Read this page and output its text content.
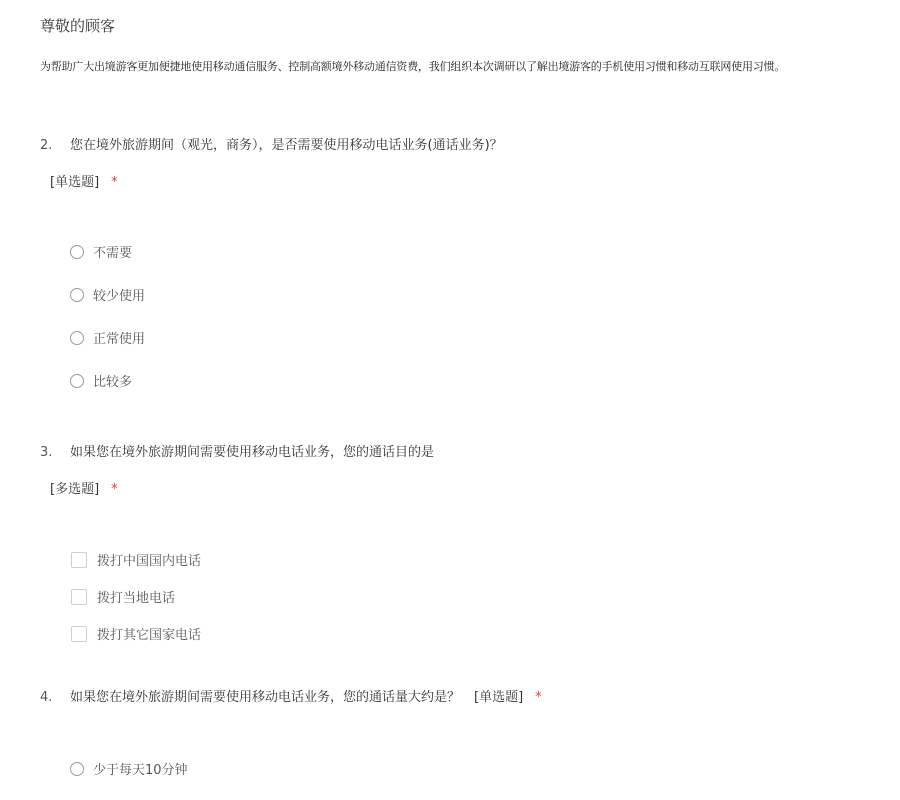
尊敬的顾客
为帮助广大出境游客更加便捷地使用移动通信服务、控制高额境外移动通信资费，我们组织本次调研以了解出境游客的手机使用习惯和移动互联网使用习惯。
2. 您在境外旅游期间（观光，商务），是否需要使用移动电话业务(通话业务)？
[单选题] *
不需要
较少使用
正常使用
比较多
3. 如果您在境外旅游期间需要使用移动电话业务，您的通话目的是
[多选题] *
拨打中国国内电话
拨打当地电话
拨打其它国家电话
4. 如果您在境外旅游期间需要使用移动电话业务，您的通话量大约是？ [单选题] *
少于每天10分钟
